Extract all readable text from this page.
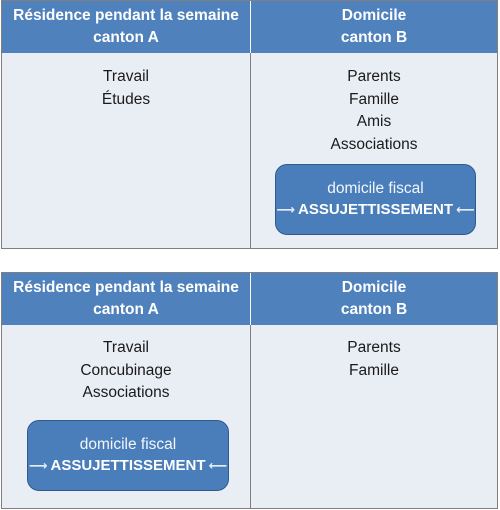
Résidence pendant la semaine
canton A
Domicile
canton B
Travail
Études
Parents
Famille
Amis
Associations
domicile fiscal
⟶ ASSUJETTISSEMENT ⟵
Résidence pendant la semaine
canton A
Domicile
canton B
Travail
Concubinage
Associations
domicile fiscal
⟶ ASSUJETTISSEMENT ⟵
Parents
Famille
